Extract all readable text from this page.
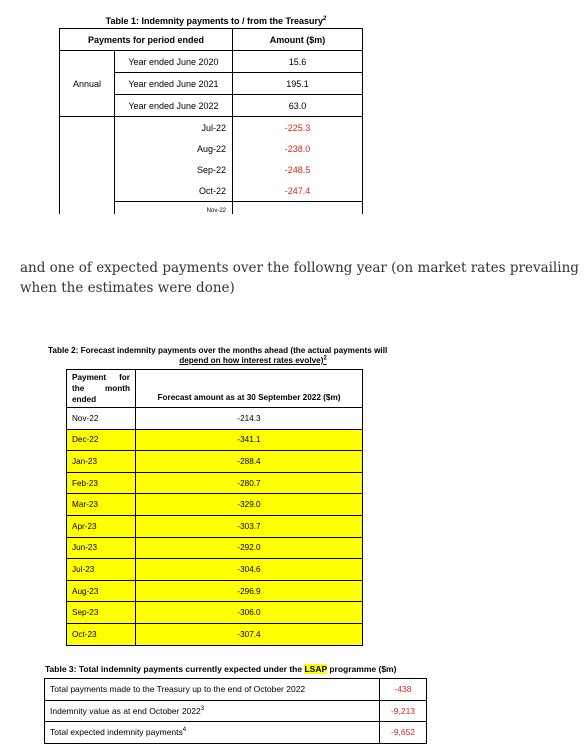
Table 1: Indemnity payments to / from the Treasury$^2$
Payments for period ended		Amount ($m)
Annual	Year ended June 2020	15.6
	Year ended June 2021	195.1
	Year ended June 2022	63.0
	Jul-22	-225.3
	Aug-22	-238.0
	Sep-22	-248.5
	Oct-22	-247.4
	Nov-22	

and one of expected payments over the followng year (on market rates prevailing when the estimates were done)

Table 2: Forecast indemnity payments over the months ahead (the actual payments will
depend on how interest rates evolve)$^2$
Payment for the month ended	Forecast amount as at 30 September 2022 ($m)
Nov-22	-214.3
Dec-22	-341.1
Jan-23	-288.4
Feb-23	-280.7
Mar-23	-329.0
Apr-23	-303.7
Jun-23	-292.0
Jul-23	-304.6
Aug-23	-296.9
Sep-23	-306.0
Oct-23	-307.4
Table 3: Total indemnity payments currently expected under the LSAP programme ($m)
Total payments made to the Treasury up to the end of October 2022	-438
Indemnity value as at end October 2022$^3$	-9,213
Total expected indemnity payments$^4$	-9,652
